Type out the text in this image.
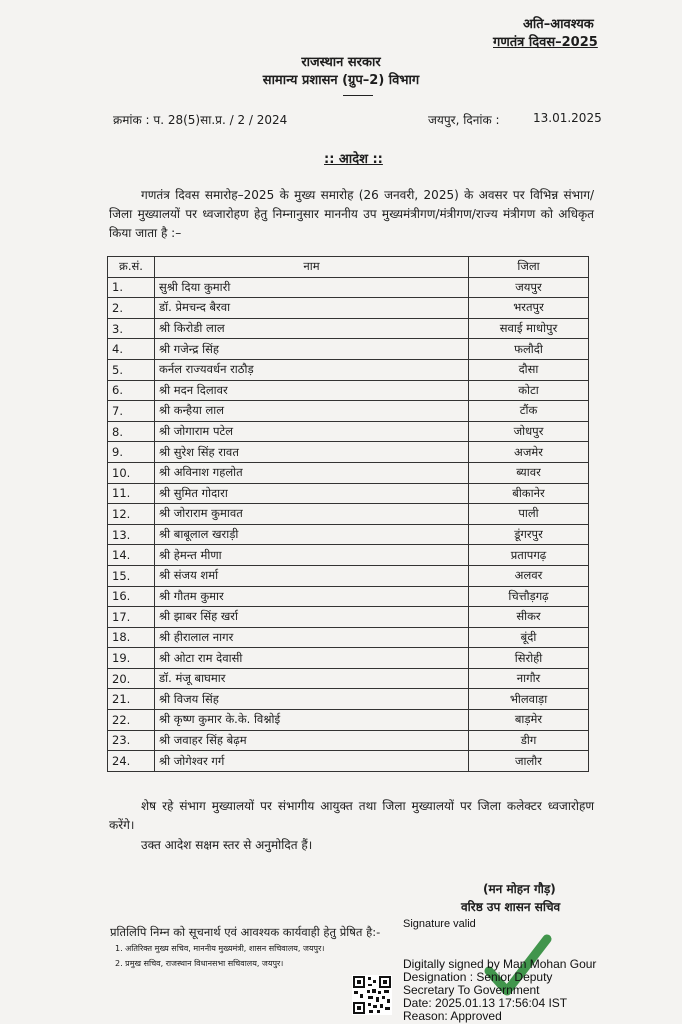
अति–आवश्यक
गणतंत्र दिवस–2025
राजस्थान सरकार
सामान्य प्रशासन (ग्रुप–2) विभाग
क्रमांक : प. 28(5)सा.प्र. / 2 / 2024	जयपुर, दिनांक :	13.01.2025
:: आदेश ::
गणतंत्र दिवस समारोह–2025 के मुख्य समारोह (26 जनवरी, 2025) के अवसर पर विभिन्न संभाग/जिला मुख्यालयों पर ध्वजारोहण हेतु निम्नानुसार माननीय उप मुख्यमंत्रीगण/मंत्रीगण/राज्य मंत्रीगण को अधिकृत किया जाता है :–
क्र.सं.	नाम	जिला
1.	सुश्री दिया कुमारी	जयपुर
2.	डॉ. प्रेमचन्द बैरवा	भरतपुर
3.	श्री किरोडी लाल	सवाई माधोपुर
4.	श्री गजेन्द्र सिंह	फलौदी
5.	कर्नल राज्यवर्धन राठौड़	दौसा
6.	श्री मदन दिलावर	कोटा
7.	श्री कन्हैया लाल	टौंक
8.	श्री जोगाराम पटेल	जोधपुर
9.	श्री सुरेश सिंह रावत	अजमेर
10.	श्री अविनाश गहलोत	ब्यावर
11.	श्री सुमित गोदारा	बीकानेर
12.	श्री जोराराम कुमावत	पाली
13.	श्री बाबूलाल खराड़ी	डूंगरपुर
14.	श्री हेमन्त मीणा	प्रतापगढ़
15.	श्री संजय शर्मा	अलवर
16.	श्री गौतम कुमार	चित्तौड़गढ़
17.	श्री झाबर सिंह खर्रा	सीकर
18.	श्री हीरालाल नागर	बूंदी
19.	श्री ओटा राम देवासी	सिरोही
20.	डॉ. मंजू बाघमार	नागौर
21.	श्री विजय सिंह	भीलवाड़ा
22.	श्री कृष्ण कुमार के.के. विश्नोई	बाड़मेर
23.	श्री जवाहर सिंह बेढ़म	डीग
24.	श्री जोगेश्वर गर्ग	जालौर
शेष रहे संभाग मुख्यालयों पर संभागीय आयुक्त तथा जिला मुख्यालयों पर जिला कलेक्टर ध्वजारोहण करेंगे।
उक्त आदेश सक्षम स्तर से अनुमोदित हैं।
(मन मोहन गौड़)
वरिष्ठ उप शासन सचिव
प्रतिलिपि निम्न को सूचनार्थ एवं आवश्यक कार्यवाही हेतु प्रेषित है:-
1. अतिरिक्त मुख्य सचिव, माननीय मुख्यमंत्री, शासन सचिवालय, जयपुर।
2. प्रमुख सचिव, राजस्थान विधानसभा सचिवालय, जयपुर।
Signature valid
Digitally signed by Man Mohan Gour
Designation : Senior Deputy
Secretary To Government
Date: 2025.01.13 17:56:04 IST
Reason: Approved
